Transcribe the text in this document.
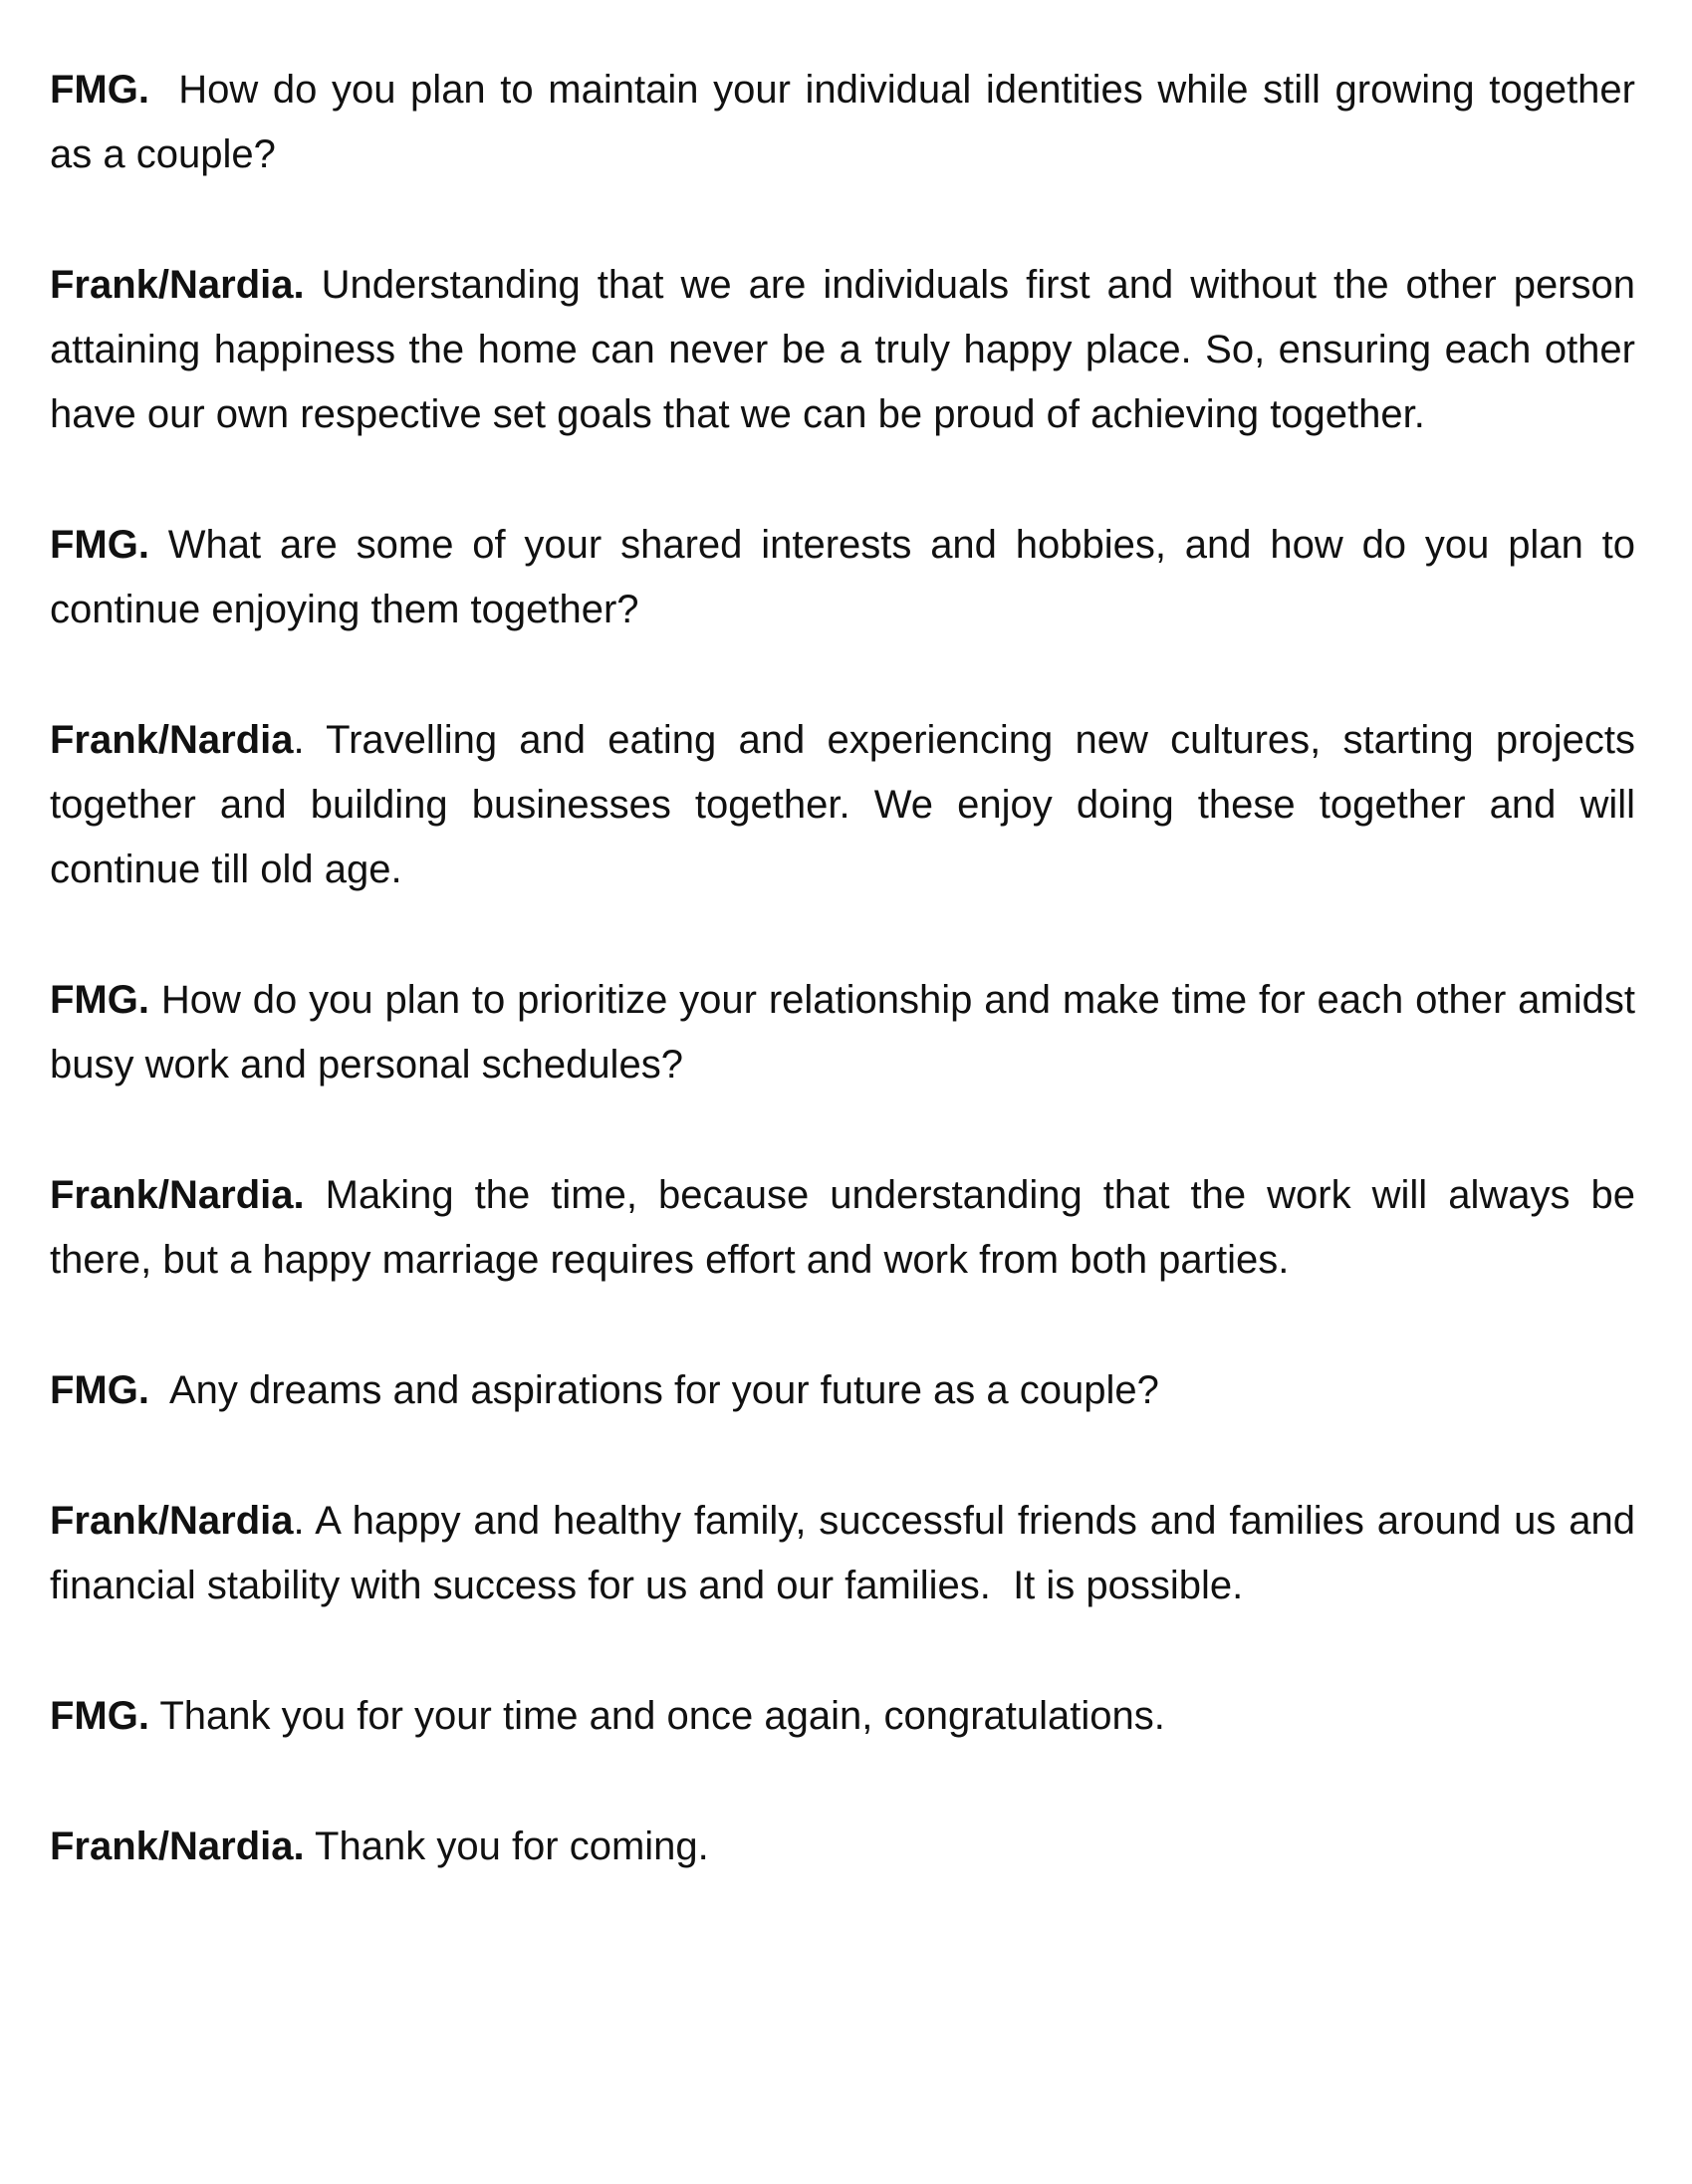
FMG.  How do you plan to maintain your individual identities while still growing together as a couple?

Frank/Nardia. Understanding that we are individuals first and without the other person attaining happiness the home can never be a truly happy place. So, ensuring each other have our own respective set goals that we can be proud of achieving together.

FMG. What are some of your shared interests and hobbies, and how do you plan to continue enjoying them together?

Frank/Nardia. Travelling and eating and experiencing new cultures, starting projects together and building businesses together. We enjoy doing these together and will continue till old age.

FMG. How do you plan to prioritize your relationship and make time for each other amidst busy work and personal schedules?

Frank/Nardia. Making the time, because understanding that the work will always be there, but a happy marriage requires effort and work from both parties.

FMG.  Any dreams and aspirations for your future as a couple?

Frank/Nardia. A happy and healthy family, successful friends and families around us and financial stability with success for us and our families.  It is possible.

FMG. Thank you for your time and once again, congratulations.

Frank/Nardia. Thank you for coming.
